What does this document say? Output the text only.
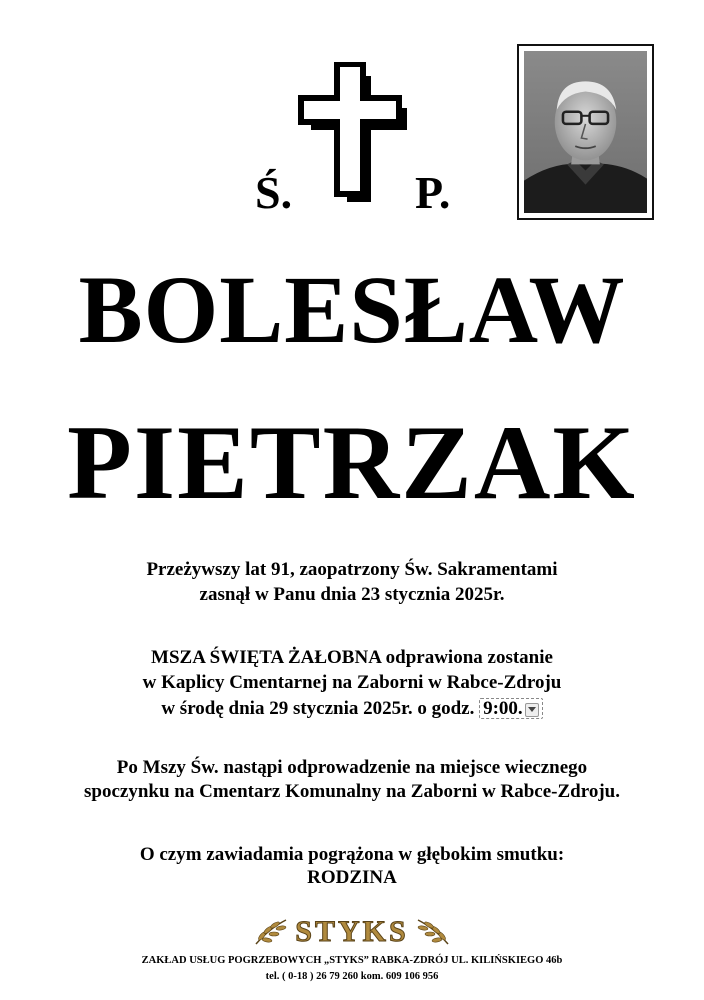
Ś.	P.
BOLESŁAW
PIETRZAK
Przeżywszy lat 91, zaopatrzony Św. Sakramentami
zasnął w Panu dnia 23 stycznia 2025r.
MSZA ŚWIĘTA ŻAŁOBNA odprawiona zostanie
w Kaplicy Cmentarnej na Zaborni w Rabce-Zdroju
w środę dnia 29 stycznia 2025r. o godz. 9:00.
Po Mszy Św. nastąpi odprowadzenie na miejsce wiecznego
spoczynku na Cmentarz Komunalny na Zaborni w Rabce-Zdroju.
O czym zawiadamia pogrążona w głębokim smutku:
RODZINA
STYKS
ZAKŁAD USŁUG POGRZEBOWYCH „STYKS” RABKA-ZDRÓJ UL. KILIŃSKIEGO 46b
tel. ( 0-18 ) 26 79 260 kom. 609 106 956
